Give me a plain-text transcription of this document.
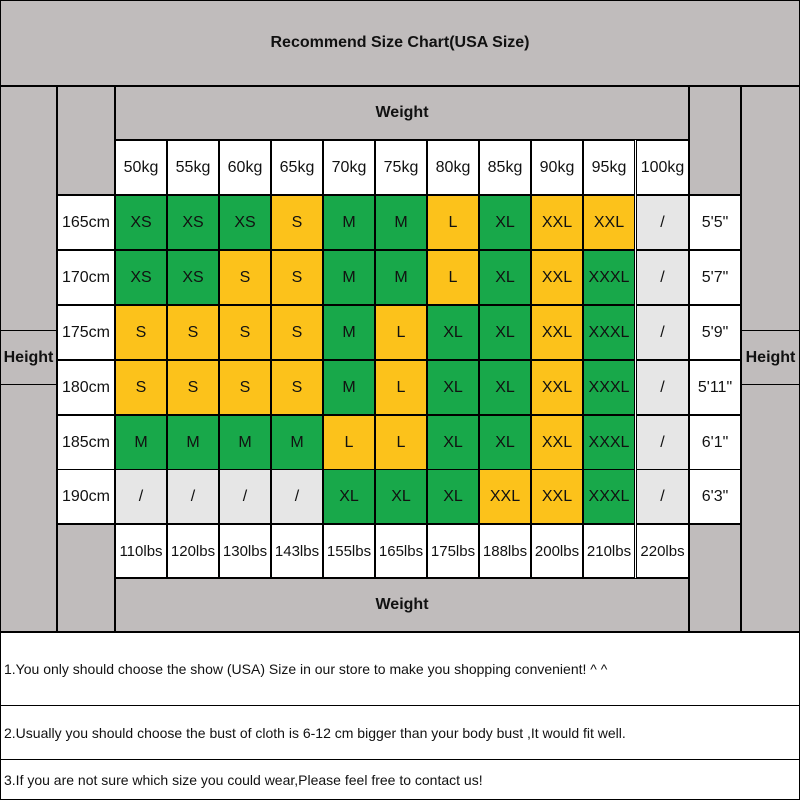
Recommend Size Chart(USA Size)
Height	Height
Weight
Weight
50kg	55kg	60kg	65kg	70kg	75kg	80kg	85kg	90kg	95kg 100kg
110lbs 120lbs 130lbs 143lbs 155lbs 165lbs 175lbs 188lbs 200lbs 210lbs 220lbs
165cm	XS	XS	XS	S	M	M	L	XL	XXL	XXL	/	5'5"
170cm	XS	XS	S	S	M	M	L	XL	XXL	XXXL	/	5'7"
175cm	S	S	S	S	M	L	XL	XL	XXL	XXXL	/	5'9"
180cm	S	S	S	S	M	L	XL	XL	XXL	XXXL	/	5'11"
185cm	M	M	M	M	L	L	XL	XL	XXL	XXXL	/	6'1"
190cm	/	/	/	/	XL	XL	XL	XXL	XXL	XXXL	/	6'3"
1.You only should choose the show (USA) Size in our store to make you shopping convenient! ^ ^
2.Usually you should choose the bust of cloth is 6-12 cm bigger than your body bust ,It would fit well.
3.If you are not sure which size you could wear,Please feel free to contact us!
